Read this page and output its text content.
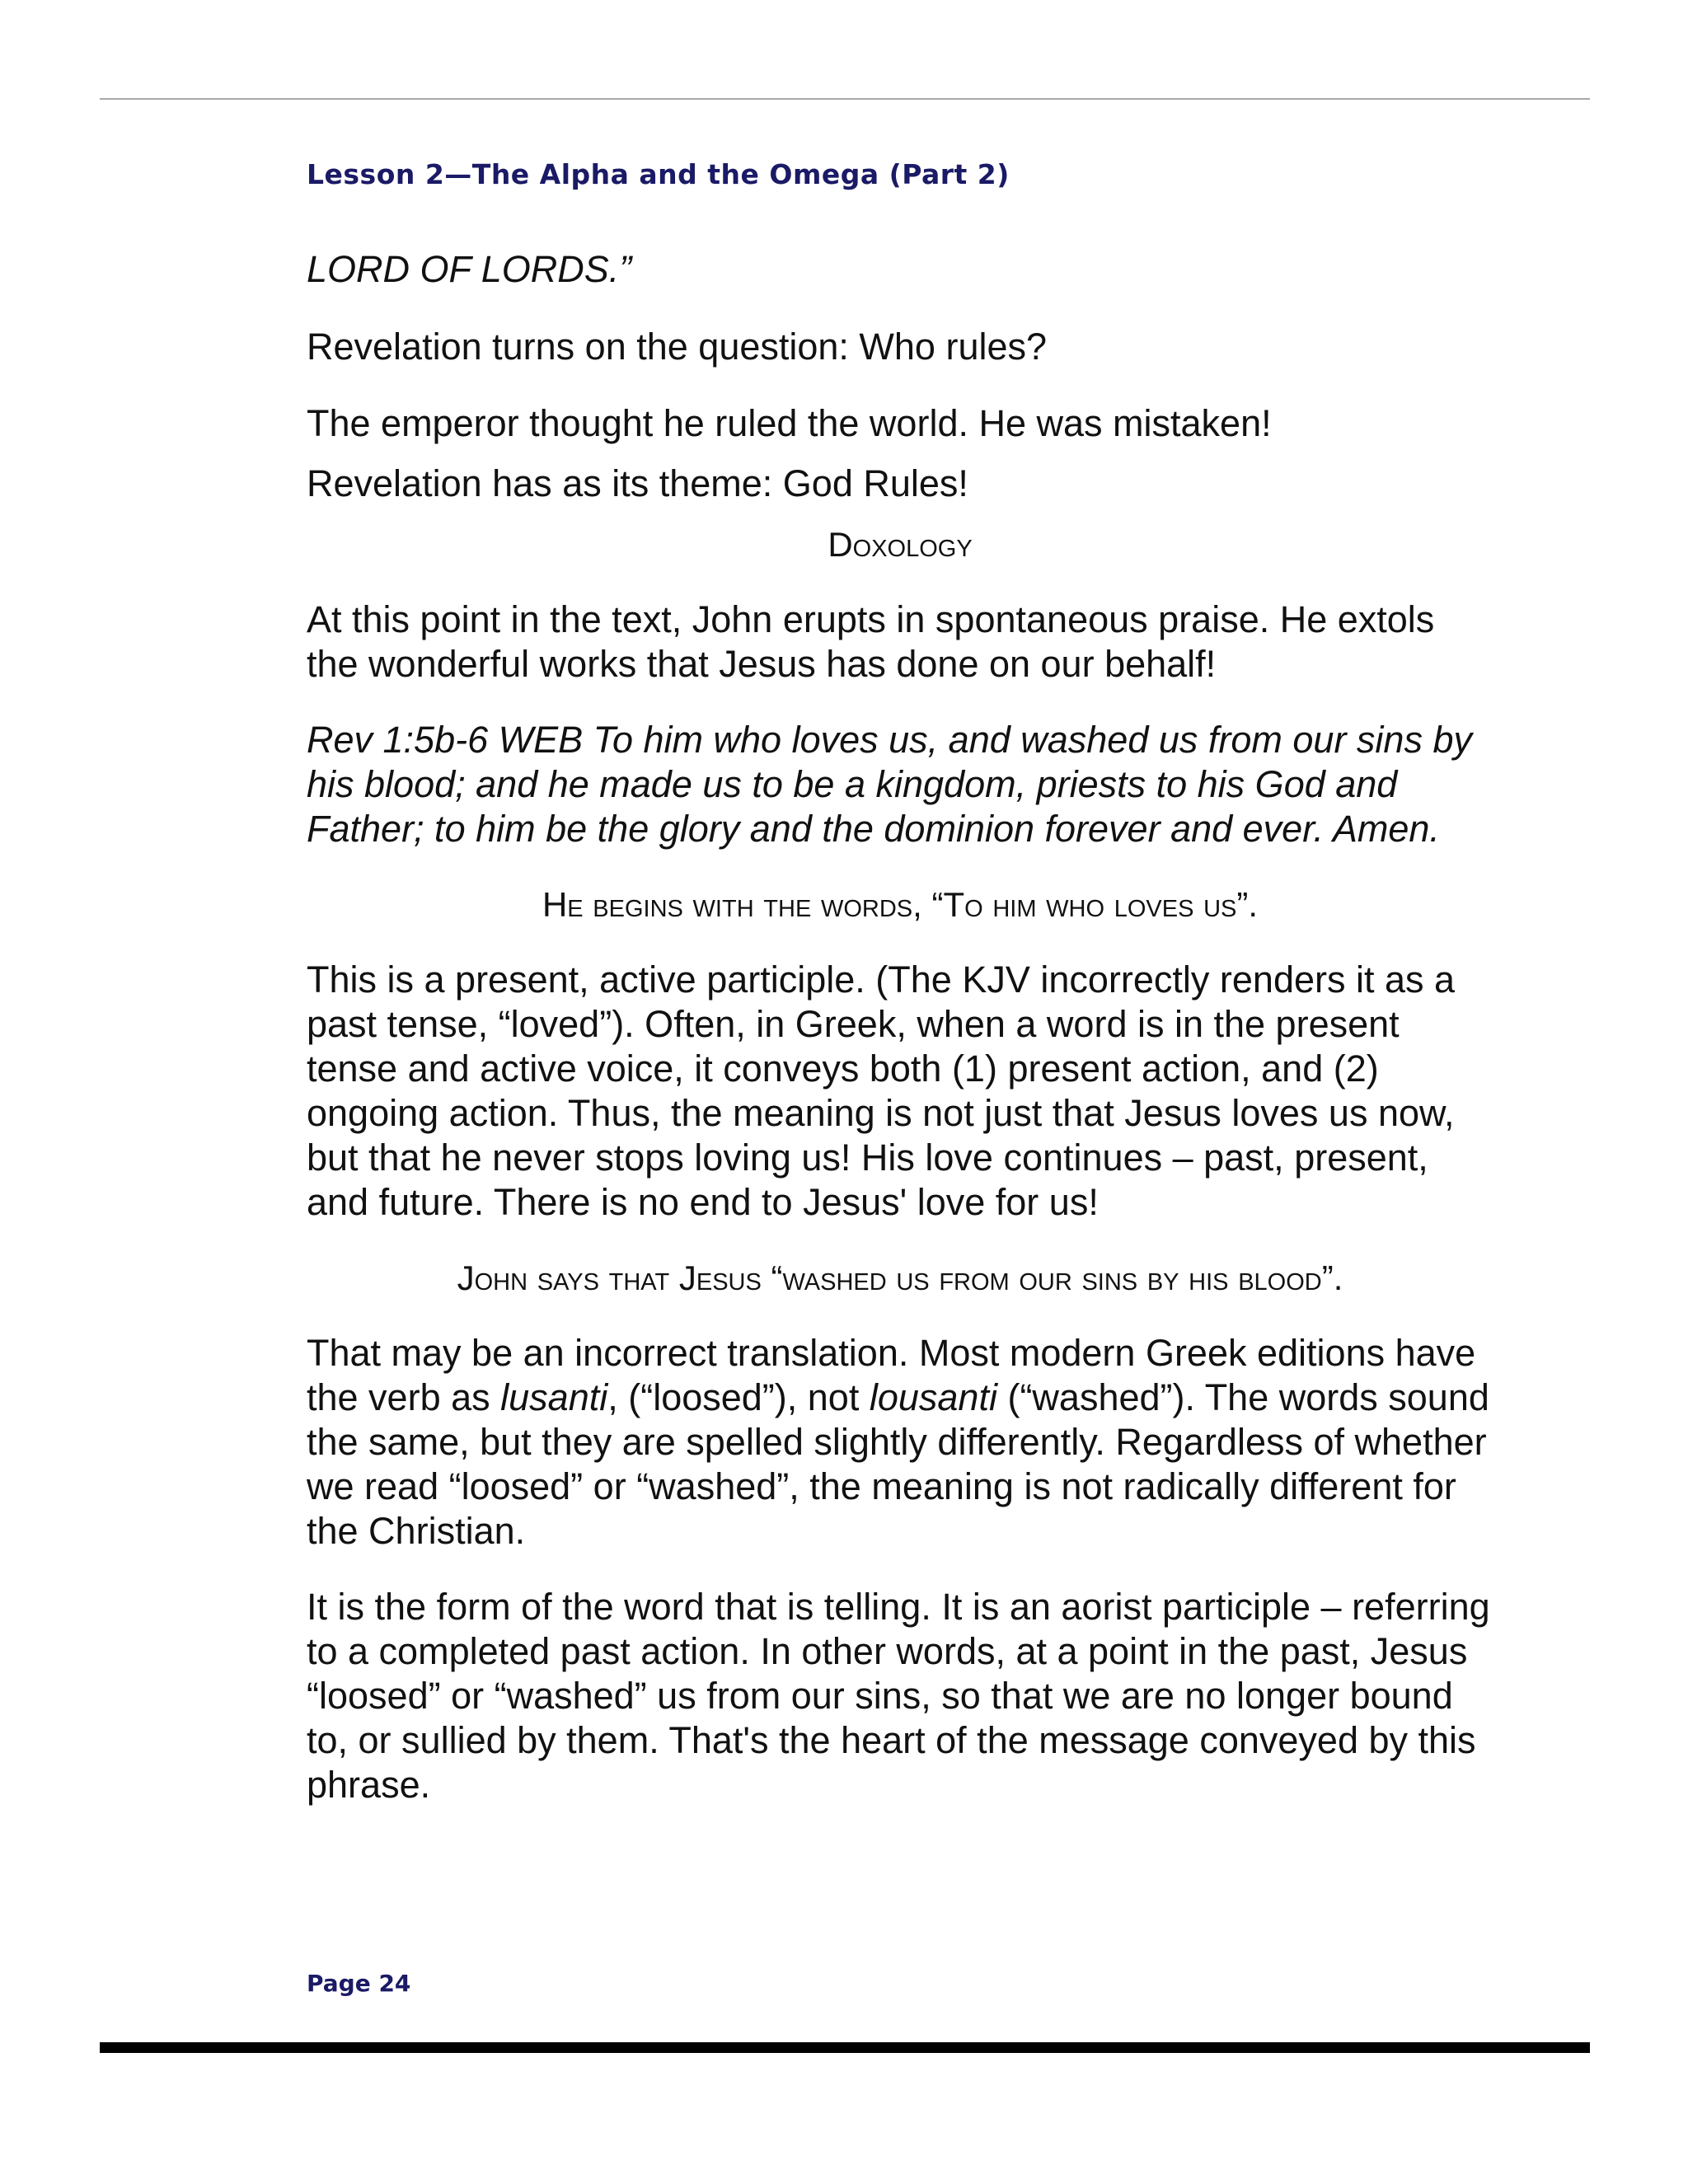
Lesson 2—The Alpha and the Omega (Part 2)

LORD OF LORDS.”

Revelation turns on the question: Who rules?

The emperor thought he ruled the world. He was mistaken!

Revelation has as its theme: God Rules!

Doxology

At this point in the text, John erupts in spontaneous praise. He extols the wonderful works that Jesus has done on our behalf!

Rev 1:5b-6 WEB To him who loves us, and washed us from our sins by his blood; and he made us to be a kingdom, priests to his God and Father; to him be the glory and the dominion forever and ever. Amen.

He begins with the words, “To him who loves us”.

This is a present, active participle. (The KJV incorrectly renders it as a past tense, “loved”). Often, in Greek, when a word is in the present tense and active voice, it conveys both (1) present action, and (2) ongoing action. Thus, the meaning is not just that Jesus loves us now, but that he never stops loving us! His love continues – past, present, and future. There is no end to Jesus' love for us!

John says that Jesus “washed us from our sins by his blood”.

That may be an incorrect translation. Most modern Greek editions have the verb as lusanti, (“loosed”), not lousanti (“washed”). The words sound the same, but they are spelled slightly differently. Regardless of whether we read “loosed” or “washed”, the meaning is not radically different for the Christian.

It is the form of the word that is telling. It is an aorist participle – referring to a completed past action. In other words, at a point in the past, Jesus “loosed” or “washed” us from our sins, so that we are no longer bound to, or sullied by them. That's the heart of the message conveyed by this phrase.

Page 24
